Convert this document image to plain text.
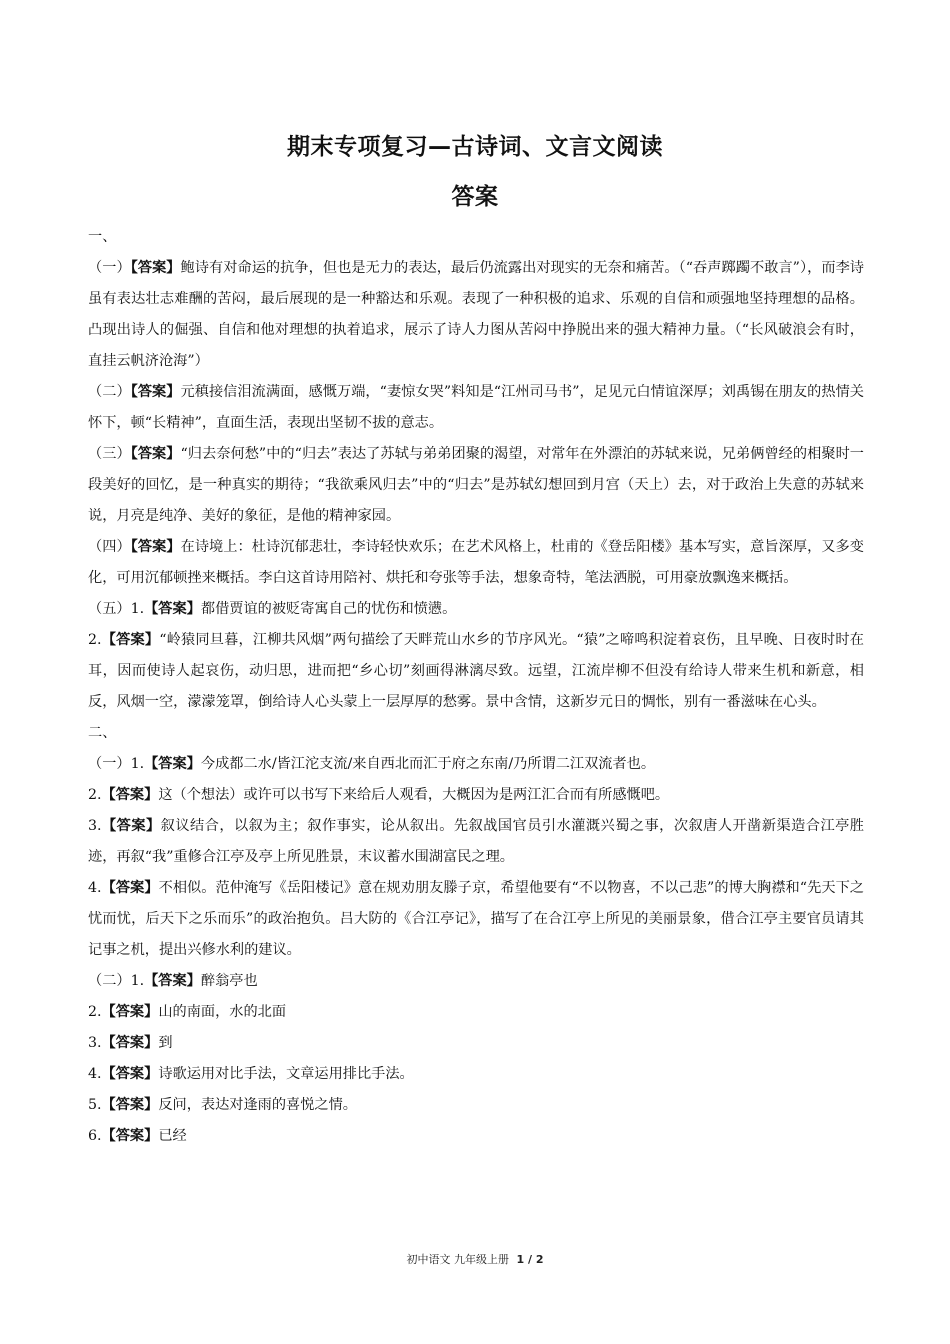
期末专项复习—古诗词、文言文阅读
答案

一、

（一）【答案】鲍诗有对命运的抗争，但也是无力的表达，最后仍流露出对现实的无奈和痛苦。（“吞声踯躅不敢言”），而李诗虽有表达壮志难酬的苦闷，最后展现的是一种豁达和乐观。表现了一种积极的追求、乐观的自信和顽强地坚持理想的品格。凸现出诗人的倔强、自信和他对理想的执着追求，展示了诗人力图从苦闷中挣脱出来的强大精神力量。（“长风破浪会有时，直挂云帆济沧海”）

（二）【答案】元稹接信泪流满面，感慨万端，“妻惊女哭”料知是“江州司马书”，足见元白情谊深厚；刘禹锡在朋友的热情关怀下，顿“长精神”，直面生活，表现出坚韧不拔的意志。

（三）【答案】“归去奈何愁”中的“归去”表达了苏轼与弟弟团聚的渴望，对常年在外漂泊的苏轼来说，兄弟俩曾经的相聚时一段美好的回忆，是一种真实的期待；“我欲乘风归去”中的“归去”是苏轼幻想回到月宫（天上）去，对于政治上失意的苏轼来说，月亮是纯净、美好的象征，是他的精神家园。

（四）【答案】在诗境上：杜诗沉郁悲壮，李诗轻快欢乐；在艺术风格上，杜甫的《登岳阳楼》基本写实，意旨深厚，又多变化，可用沉郁顿挫来概括。李白这首诗用陪衬、烘托和夸张等手法，想象奇特，笔法洒脱，可用豪放飘逸来概括。

（五）1.【答案】都借贾谊的被贬寄寓自己的忧伤和愤懑。

2.【答案】“岭猿同旦暮，江柳共风烟”两句描绘了天畔荒山水乡的节序风光。“猿”之啼鸣积淀着哀伤，且早晚、日夜时时在耳，因而使诗人起哀伤，动归思，进而把“乡心切”刻画得淋漓尽致。远望，江流岸柳不但没有给诗人带来生机和新意，相反，风烟一空，濛濛笼罩，倒给诗人心头蒙上一层厚厚的愁雾。景中含情，这新岁元日的惆怅，别有一番滋味在心头。

二、

（一）1.【答案】今成都二水/皆江沱支流/来自西北而汇于府之东南/乃所谓二江双流者也。

2.【答案】这（个想法）或许可以书写下来给后人观看，大概因为是两江汇合而有所感慨吧。

3.【答案】叙议结合，以叙为主；叙作事实，论从叙出。先叙战国官员引水灌溉兴蜀之事，次叙唐人开凿新渠造合江亭胜迹，再叙“我”重修合江亭及亭上所见胜景，末议蓄水围湖富民之理。

4.【答案】不相似。范仲淹写《岳阳楼记》意在规劝朋友滕子京，希望他要有“不以物喜，不以己悲”的博大胸襟和“先天下之忧而忧，后天下之乐而乐”的政治抱负。吕大防的《合江亭记》，描写了在合江亭上所见的美丽景象，借合江亭主要官员请其记事之机，提出兴修水利的建议。

（二）1.【答案】醉翁亭也

2.【答案】山的南面，水的北面

3.【答案】到

4.【答案】诗歌运用对比手法，文章运用排比手法。

5.【答案】反问，表达对逢雨的喜悦之情。

6.【答案】已经

初中语文 九年级上册 1 / 2
